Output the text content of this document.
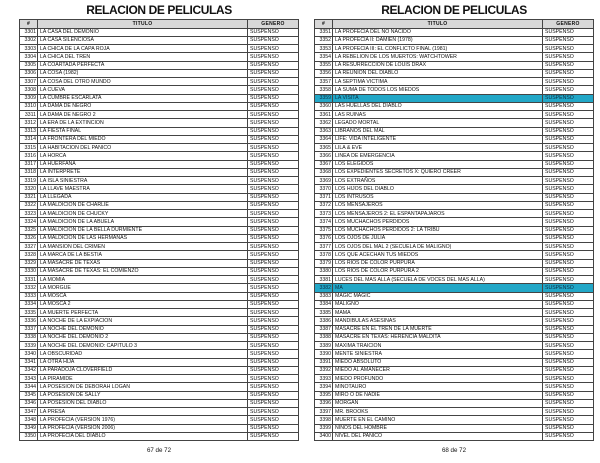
RELACION DE PELICULAS
#	TITULO	GENERO
3301	LA CASA DEL DEMONIO	SUSPENSO
3302	LA CASA SILENCIOSA	SUSPENSO
3303	LA CHICA DE LA CAPA ROJA	SUSPENSO
3304	LA CHICA DEL TREN	SUSPENSO
3305	LA COARTADA PERFECTA	SUSPENSO
3306	LA COSA (1982)	SUSPENSO
3307	LA COSA DEL OTRO MUNDO	SUSPENSO
3308	LA CUEVA	SUSPENSO
3309	LA CUMBRE ESCARLATA	SUSPENSO
3310	LA DAMA DE NEGRO	SUSPENSO
3311	LA DAMA DE NEGRO 2	SUSPENSO
3312	LA ERA DE LA EXTINCION	SUSPENSO
3313	LA FIESTA FINAL	SUSPENSO
3314	LA FRONTERA DEL MIEDO	SUSPENSO
3315	LA HABITACION DEL PANICO	SUSPENSO
3316	LA HORCA	SUSPENSO
3317	LA HUERFANA	SUSPENSO
3318	LA INTERPRETE	SUSPENSO
3319	LA ISLA SINIESTRA	SUSPENSO
3320	LA LLAVE MAESTRA	SUSPENSO
3321	LA LLEGADA	SUSPENSO
3322	LA MALDICION DE CHARLIE	SUSPENSO
3323	LA MALDICION DE CHUCKY	SUSPENSO
3324	LA MALDICION DE LA ABUELA	SUSPENSO
3325	LA MALDICION DE LA BELLA DURMIENTE	SUSPENSO
3326	LA MALDICION DE LAS HERMANAS	SUSPENSO
3327	LA MANSION DEL CRIMEN	SUSPENSO
3328	LA MARCA DE LA BESTIA	SUSPENSO
3329	LA MASACRE DE TEXAS	SUSPENSO
3330	LA MASACRE DE TEXAS: EL COMIENZO	SUSPENSO
3331	LA MOMIA	SUSPENSO
3332	LA MORGUE	SUSPENSO
3333	LA MOSCA	SUSPENSO
3334	LA MOSCA 2	SUSPENSO
3335	LA MUERTE PERFECTA	SUSPENSO
3336	LA NOCHE DE LA EXPIACION	SUSPENSO
3337	LA NOCHE DEL DEMONIO	SUSPENSO
3338	LA NOCHE DEL DEMONIO 2	SUSPENSO
3339	LA NOCHE DEL DEMONIO: CAPITULO 3	SUSPENSO
3340	LA OBSCURIDAD	SUSPENSO
3341	LA OTRA HIJA	SUSPENSO
3342	LA PARADOJA CLOVERFIELD	SUSPENSO
3343	LA PIRAMIDE	SUSPENSO
3344	LA POSESION DE DEBORAH LOGAN	SUSPENSO
3345	LA POSESION DE SALLY	SUSPENSO
3346	LA POSESION DEL DIABLO	SUSPENSO
3347	LA PRESA	SUSPENSO
3348	LA PROFECIA (VERSION 1976)	SUSPENSO
3349	LA PROFECIA (VERSION 2006)	SUSPENSO
3350	LA PROFECIA DEL DIABLO	SUSPENSO
67 de 72
RELACION DE PELICULAS
#	TITULO	GENERO
3351	LA PROFECIA DEL NO NACIDO	SUSPENSO
3352	LA PROFECIA II: DAMIEN (1978)	SUSPENSO
3353	LA PROFECIA III: EL CONFLICTO FINAL (1981)	SUSPENSO
3354	LA REBELION DE LOS MUERTOS: WATCHTOWER	SUSPENSO
3355	LA RESURRECCION DE LOUIS DRAX	SUSPENSO
3356	LA REUNION DEL DIABLO	SUSPENSO
3357	LA SEPTIMA VICTIMA	SUSPENSO
3358	LA SUMA DE TODOS LOS MIEDOS	SUSPENSO
3359	LA VISITA	SUSPENSO
3360	LAS HUELLAS DEL DIABLO	SUSPENSO
3361	LAS RUINAS	SUSPENSO
3362	LEGADO MORTAL	SUSPENSO
3363	LIBRANOS DEL MAL	SUSPENSO
3364	LIFE: VIDA INTELIGENTE	SUSPENSO
3365	LILA & EVE	SUSPENSO
3366	LINEA DE EMERGENCIA	SUSPENSO
3367	LOS ELEGIDOS	SUSPENSO
3368	LOS EXPEDIENTES SECRETOS X: QUIERO CREER	SUSPENSO
3369	LOS EXTRAÑOS	SUSPENSO
3370	LOS HIJOS DEL DIABLO	SUSPENSO
3371	LOS INTRUSOS	SUSPENSO
3372	LOS MENSAJEROS	SUSPENSO
3373	LOS MENSAJEROS 2: EL ESPANTAPAJAROS	SUSPENSO
3374	LOS MUCHACHOS PERDIDOS	SUSPENSO
3375	LOS MUCHACHOS PERDIDOS 2: LA TRIBU	SUSPENSO
3376	LOS OJOS DE JULIA	SUSPENSO
3377	LOS OJOS DEL MAL 2 (SECUELA DE MALIGNO)	SUSPENSO
3378	LOS QUE ACECHAN TUS MIEDOS	SUSPENSO
3379	LOS RIOS DE COLOR PURPURA	SUSPENSO
3380	LOS RIOS DE COLOR PURPURA 2	SUSPENSO
3381	LUCES DEL MAS ALLA (SECUELA DE VOCES DEL MAS ALLA)	SUSPENSO
3382	MA	SUSPENSO
3383	MAGIC MAGIC	SUSPENSO
3384	MALIGNO	SUSPENSO
3385	MAMA	SUSPENSO
3386	MANDIBULAS ASESINAS	SUSPENSO
3387	MASACRE EN EL TREN DE LA MUERTE	SUSPENSO
3388	MASACRE EN TEXAS: HERENCIA MALDITA	SUSPENSO
3389	MAXIMA TRAICION	SUSPENSO
3390	MENTE SINIESTRA	SUSPENSO
3391	MIEDO ABSOLUTO	SUSPENSO
3392	MIEDO AL AMANECER	SUSPENSO
3393	MIEDO PROFUNDO	SUSPENSO
3394	MINOTAURO	SUSPENSO
3395	MIRO O DE NADIE	SUSPENSO
3396	MORGAN	SUSPENSO
3397	MR. BROOKS	SUSPENSO
3398	MUERTE EN EL CAMINO	SUSPENSO
3399	NIÑOS DEL HOMBRE	SUSPENSO
3400	NIVEL DEL PANICO	SUSPENSO
68 de 72
